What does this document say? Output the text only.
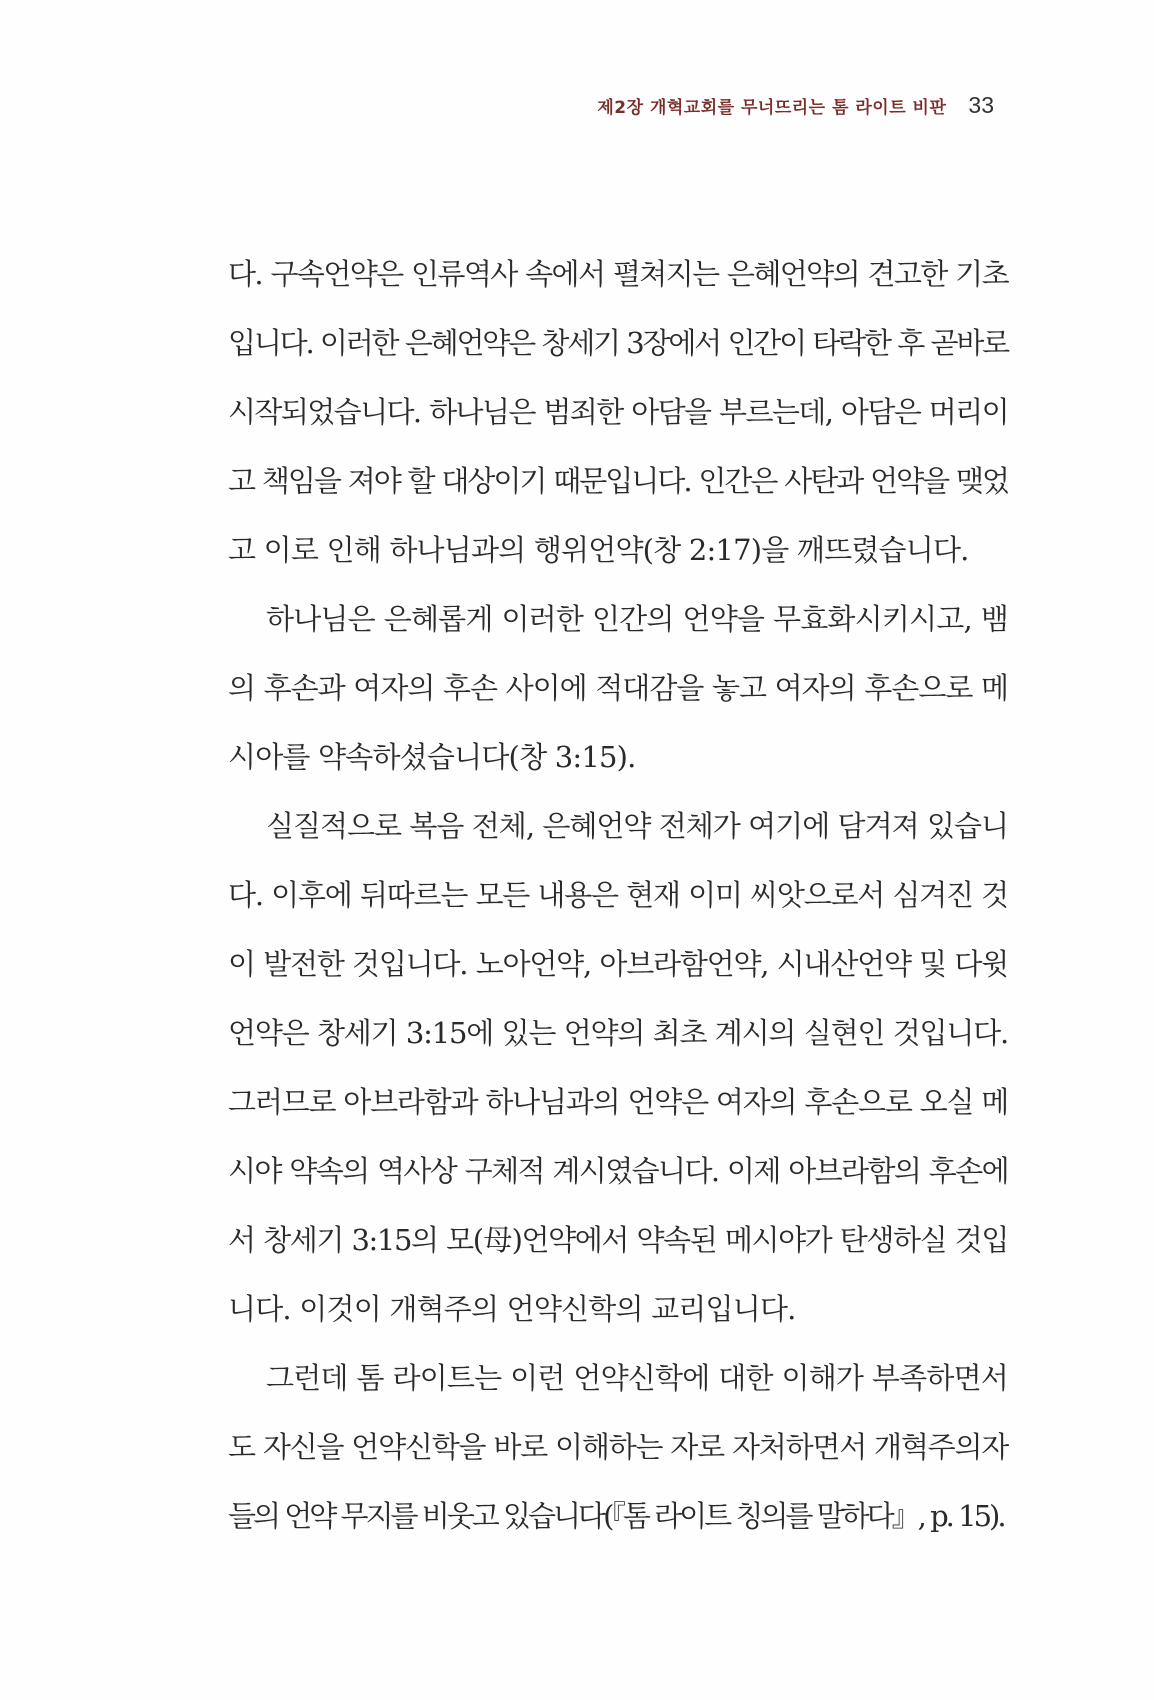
제2장 개혁교회를 무너뜨리는 톰 라이트 비판 33
다. 구속언약은 인류역사 속에서 펼쳐지는 은혜언약의 견고한 기초
입니다. 이러한 은혜언약은 창세기 3장에서 인간이 타락한 후 곧바로
시작되었습니다. 하나님은 범죄한 아담을 부르는데, 아담은 머리이
고 책임을 져야 할 대상이기 때문입니다. 인간은 사탄과 언약을 맺었
고 이로 인해 하나님과의 행위언약(창 2:17)을 깨뜨렸습니다.
하나님은 은혜롭게 이러한 인간의 언약을 무효화시키시고, 뱀
의 후손과 여자의 후손 사이에 적대감을 놓고 여자의 후손으로 메
시아를 약속하셨습니다(창 3:15).
실질적으로 복음 전체, 은혜언약 전체가 여기에 담겨져 있습니
다. 이후에 뒤따르는 모든 내용은 현재 이미 씨앗으로서 심겨진 것
이 발전한 것입니다. 노아언약, 아브라함언약, 시내산언약 및 다윗
언약은 창세기 3:15에 있는 언약의 최초 계시의 실현인 것입니다.
그러므로 아브라함과 하나님과의 언약은 여자의 후손으로 오실 메
시야 약속의 역사상 구체적 계시였습니다. 이제 아브라함의 후손에
서 창세기 3:15의 모(母)언약에서 약속된 메시야가 탄생하실 것입
니다. 이것이 개혁주의 언약신학의 교리입니다.
그런데 톰 라이트는 이런 언약신학에 대한 이해가 부족하면서
도 자신을 언약신학을 바로 이해하는 자로 자처하면서 개혁주의자
들의 언약 무지를 비웃고 있습니다(『톰 라이트 칭의를 말하다』, p. 15).
